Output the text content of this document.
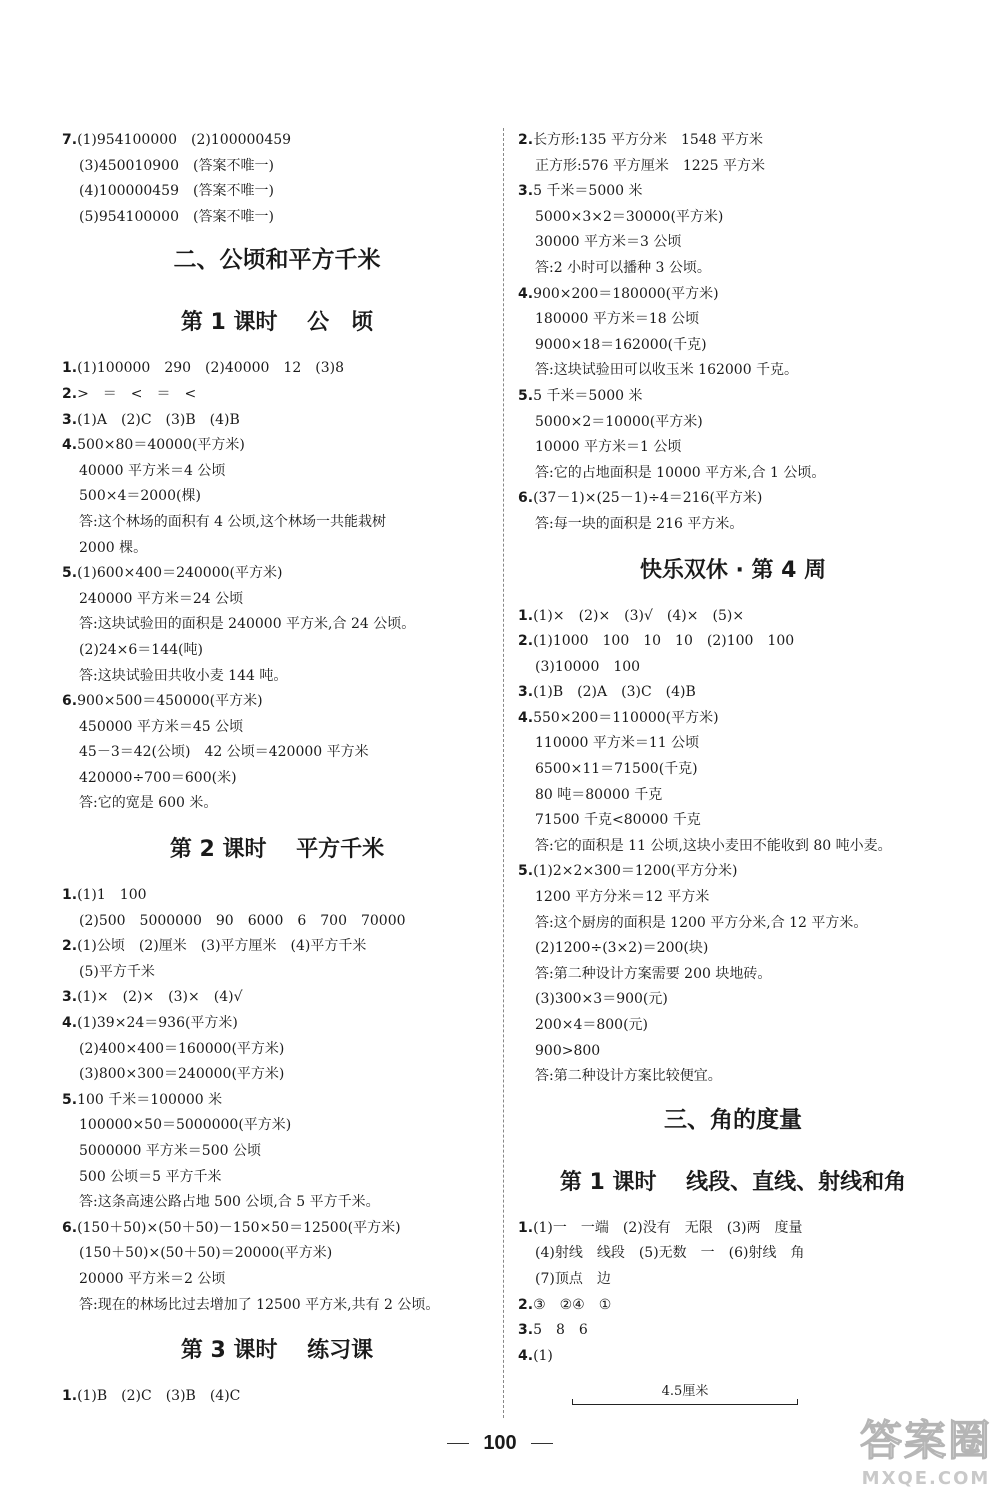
7.(1)954100000　(2)100000459
(3)450010900　(答案不唯一)
(4)100000459　(答案不唯一)
(5)954100000　(答案不唯一)
二、公顷和平方千米
第 1 课时　 公　顷
1.(1)100000　290　(2)40000　12　(3)8
2.>　＝　<　＝　<
3.(1)A　(2)C　(3)B　(4)B
4.500×80＝40000(平方米)
40000 平方米＝4 公顷
500×4＝2000(棵)
答:这个林场的面积有 4 公顷,这个林场一共能栽树
2000 棵。
5.(1)600×400＝240000(平方米)
240000 平方米＝24 公顷
答:这块试验田的面积是 240000 平方米,合 24 公顷。
(2)24×6＝144(吨)
答:这块试验田共收小麦 144 吨。
6.900×500＝450000(平方米)
450000 平方米＝45 公顷
45－3＝42(公顷)　42 公顷＝420000 平方米
420000÷700＝600(米)
答:它的宽是 600 米。
第 2 课时　 平方千米
1.(1)1　100
(2)500　5000000　90　6000　6　700　70000
2.(1)公顷　(2)厘米　(3)平方厘米　(4)平方千米
(5)平方千米
3.(1)×　(2)×　(3)×　(4)√
4.(1)39×24＝936(平方米)
(2)400×400＝160000(平方米)
(3)800×300＝240000(平方米)
5.100 千米＝100000 米
100000×50＝5000000(平方米)
5000000 平方米＝500 公顷
500 公顷＝5 平方千米
答:这条高速公路占地 500 公顷,合 5 平方千米。
6.(150＋50)×(50＋50)－150×50＝12500(平方米)
(150＋50)×(50＋50)＝20000(平方米)
20000 平方米＝2 公顷
答:现在的林场比过去增加了 12500 平方米,共有 2 公顷。
第 3 课时　 练习课
1.(1)B　(2)C　(3)B　(4)C
2.长方形:135 平方分米　1548 平方米
正方形:576 平方厘米　1225 平方米
3.5 千米＝5000 米
5000×3×2＝30000(平方米)
30000 平方米＝3 公顷
答:2 小时可以播种 3 公顷。
4.900×200＝180000(平方米)
180000 平方米＝18 公顷
9000×18＝162000(千克)
答:这块试验田可以收玉米 162000 千克。
5.5 千米＝5000 米
5000×2＝10000(平方米)
10000 平方米＝1 公顷
答:它的占地面积是 10000 平方米,合 1 公顷。
6.(37－1)×(25－1)÷4＝216(平方米)
答:每一块的面积是 216 平方米。
快乐双休 · 第 4 周
1.(1)×　(2)×　(3)√　(4)×　(5)×
2.(1)1000　100　10　10　(2)100　100
(3)10000　100
3.(1)B　(2)A　(3)C　(4)B
4.550×200＝110000(平方米)
110000 平方米＝11 公顷
6500×11＝71500(千克)
80 吨＝80000 千克
71500 千克<80000 千克
答:它的面积是 11 公顷,这块小麦田不能收到 80 吨小麦。
5.(1)2×2×300＝1200(平方分米)
1200 平方分米＝12 平方米
答:这个厨房的面积是 1200 平方分米,合 12 平方米。
(2)1200÷(3×2)＝200(块)
答:第二种设计方案需要 200 块地砖。
(3)300×3＝900(元)
200×4＝800(元)
900>800
答:第二种设计方案比较便宜。
三、角的度量
第 1 课时　 线段、直线、射线和角
1.(1)一　一端　(2)没有　无限　(3)两　度量
(4)射线　线段　(5)无数　一　(6)射线　角
(7)顶点　边
2.③　②④　①
3.5　8　6
4.(1)
4.5厘米
100	答案圈
MXQE.COM
